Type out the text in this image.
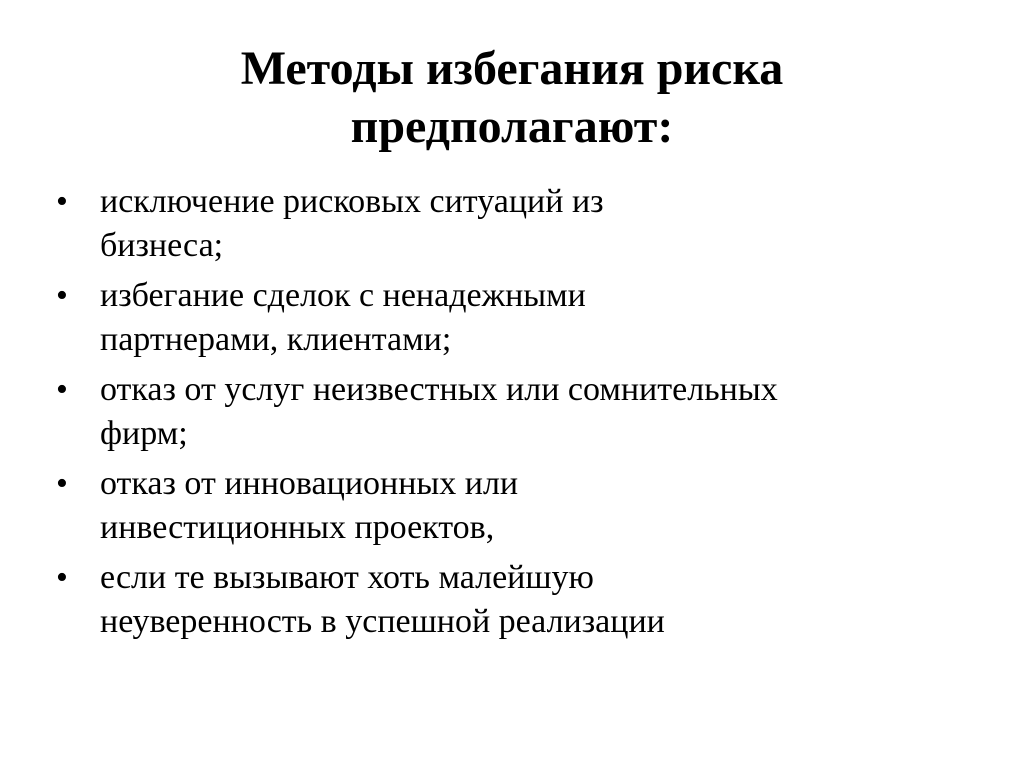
Методы избегания риска
предполагают:
• исключение рисковых ситуаций из
бизнеса;
• избегание сделок с ненадежными
партнерами, клиентами;
• отказ от услуг неизвестных или сомнительных
фирм;
• отказ от инновационных или
инвестиционных проектов,
• если те вызывают хоть малейшую
неуверенность в успешной реализации
